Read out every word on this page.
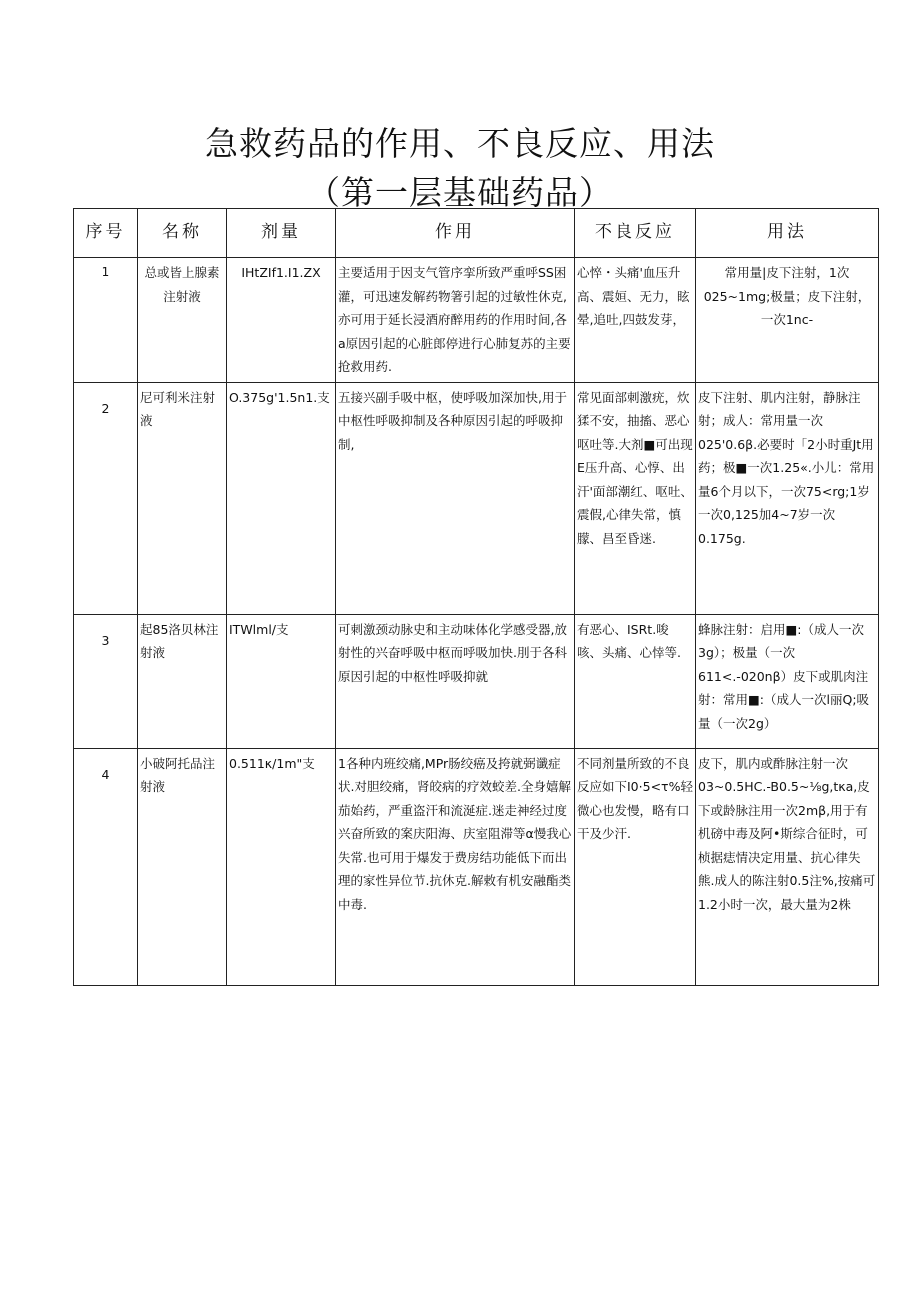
急救药品的作用、不良反应、用法
（第一层基础药品）
序号	名称	剂量	作用	不良反应	用法
1	总或皆上腺素注射液	IHtZIf1.I1.ZX	主要适用于因支气管序挛所致严重呼SS困灌，可迅速发解药物箸引起的过敏性休克,亦可用于延长浸酒府醉用药的作用时间,各a原因引起的心脏郎停进行心肺复苏的主要抢救用药.	心悴・头痛'血压升高、震姮、无力，眩晕,追吐,四鼓发芽，	常用量|皮下注射，1次025~1mg;极量；皮下注射，一次1nc-
2	尼可利米注射液	O.375g'1.5n1.支	五接兴副手吸中枢，使呼吸加深加快,用于中枢性呼吸抑制及各种原因引起的呼吸抑制,	常见面部刺激疣，炊猱不安，抽搐、恶心呕吐等.大剂■可出现E压升高、心惇、出汗'面部潮红、呕吐、震假,心律失常，慎朦、昌至昏迷.	皮下注射、肌内注射，静脉注射；成人：常用量一次025'0.6β.必要时「2小时重Jt用药；极■一次1.25«.小儿：常用量6个月以下，一次75<rg;1岁一次0,125加4~7岁一次0.175g.
3	起85洛贝林注射液	ITWlml/支	可刺激颈动脉史和主动味体化学感受器,放射性的兴奋呼吸中枢而呼吸加快.刖于各科原因引起的中枢性呼吸抑就	有恶心、ISRt.唆咳、头痛、心悻等.	蜂脉注射：启用■:（成人一次3g）；极量（一次611<.-020nβ）皮下或肌肉注射：常用■:（成人一次l丽Q;吸量（一次2g）
4	小破阿托品注射液	0.511κ/1m"支	1各种内班绞痛,MPr肠绞癌及挎就弼谶症状.对胆绞痛，肾皎病的疗效蛟差.全身嬉解茄始药，严重盗汗和流涎症.迷走神经过度兴奋所致的案庆阳海、庆室阻滞等α慢我心失常.也可用于爆发于费房结功能低下而出理的家性异位节.抗休克.解敕有机安融酯类中毒.	不同剂量所致的不良反应如下I0·5<τ%轻微心也发慢，略有口干及少汗.	皮下，肌内或酢脉注射一次03~0.5HC.-B0.5~⅛g,tκa,皮下或龄脉注用一次2mβ,用于有机磅中毒及阿•斯综合征时，可桢据痣情决定用量、抗心律失熊.成人的陈注射0.5注%,按痛可1.2小时一次，最大量为2株
